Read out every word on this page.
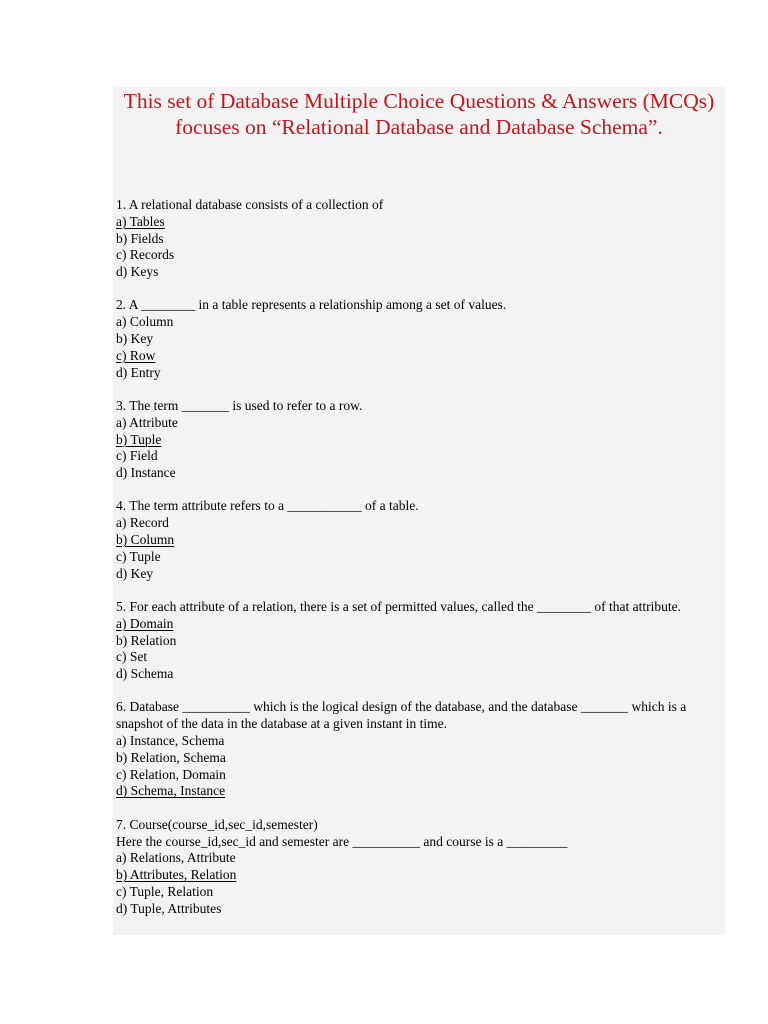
This set of Database Multiple Choice Questions & Answers (MCQs) focuses on “Relational Database and Database Schema”.
1. A relational database consists of a collection of
a) Tables
b) Fields
c) Records
d) Keys
2. A ________ in a table represents a relationship among a set of values.
a) Column
b) Key
c) Row
d) Entry
3. The term _______ is used to refer to a row.
a) Attribute
b) Tuple
c) Field
d) Instance
4. The term attribute refers to a ___________ of a table.
a) Record
b) Column
c) Tuple
d) Key
5. For each attribute of a relation, there is a set of permitted values, called the ________ of that attribute.
a) Domain
b) Relation
c) Set
d) Schema
6. Database __________ which is the logical design of the database, and the database _______ which is a snapshot of the data in the database at a given instant in time.
a) Instance, Schema
b) Relation, Schema
c) Relation, Domain
d) Schema, Instance
7. Course(course_id,sec_id,semester)
Here the course_id,sec_id and semester are __________ and course is a _________
a) Relations, Attribute
b) Attributes, Relation
c) Tuple, Relation
d) Tuple, Attributes
